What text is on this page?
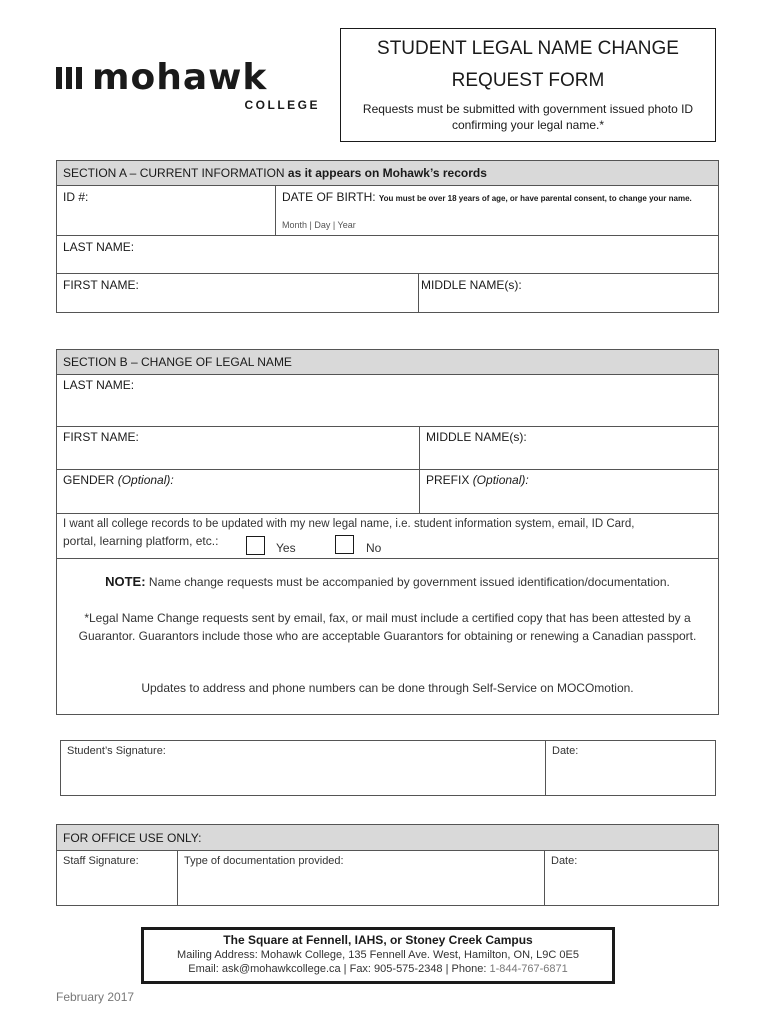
mohawk
COLLEGE
STUDENT LEGAL NAME CHANGE
REQUEST FORM
Requests must be submitted with government issued photo ID confirming your legal name.*
SECTION A – CURRENT INFORMATION as it appears on Mohawk’s records
ID #:	DATE OF BIRTH: You must be over 18 years of age, or have parental consent, to change your name.
Month | Day | Year
LAST NAME:
FIRST NAME:	MIDDLE NAME(s):
SECTION B – CHANGE OF LEGAL NAME
LAST NAME:
FIRST NAME:	MIDDLE NAME(s):
GENDER (Optional):	PREFIX (Optional):
I want all college records to be updated with my new legal name, i.e. student information system, email, ID Card,
portal, learning platform, etc.:	Yes	No
NOTE: Name change requests must be accompanied by government issued identification/documentation.
*Legal Name Change requests sent by email, fax, or mail must include a certified copy that has been attested by a Guarantor. Guarantors include those who are acceptable Guarantors for obtaining or renewing a Canadian passport.
Updates to address and phone numbers can be done through Self-Service on MOCOmotion.
Student’s Signature:	Date:
FOR OFFICE USE ONLY:
Staff Signature:	Type of documentation provided:	Date:
The Square at Fennell, IAHS, or Stoney Creek Campus
Mailing Address: Mohawk College, 135 Fennell Ave. West, Hamilton, ON, L9C 0E5
Email: ask@mohawkcollege.ca | Fax: 905-575-2348 | Phone: 1-844-767-6871
February 2017
